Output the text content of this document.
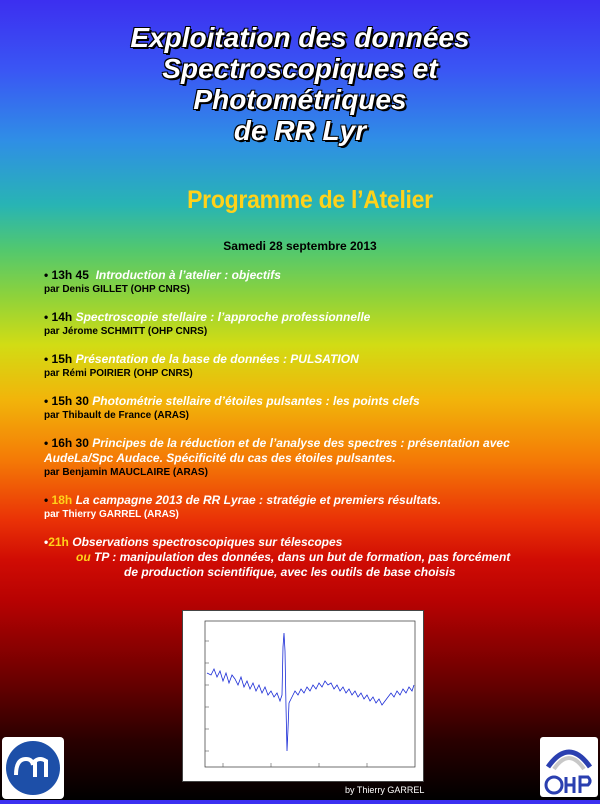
Exploitation des données
Spectroscopiques et
Photométriques
de RR Lyr
Programme de l’Atelier
Samedi 28 septembre 2013
• 13h 45 Introduction à l’atelier : objectifs
par Denis GILLET (OHP CNRS)
• 14h Spectroscopie stellaire : l’approche professionnelle
par Jérome SCHMITT (OHP CNRS)
• 15h Présentation de la base de données : PULSATION
par Rémi POIRIER (OHP CNRS)
• 15h 30 Photométrie stellaire d’étoiles pulsantes : les points clefs
par Thibault de France (ARAS)
• 16h 30 Principes de la réduction et de l’analyse des spectres : présentation avec
AudeLa/Spc Audace. Spécificité du cas des étoiles pulsantes.
par Benjamin MAUCLAIRE (ARAS)
• 18h La campagne 2013 de RR Lyrae : stratégie et premiers résultats.
par Thierry GARREL (ARAS)
•21h Observations spectroscopiques sur télescopes
ou TP : manipulation des données, dans un but de formation, pas forcément
de production scientifique, avec les outils de base choisis
by Thierry GARREL
